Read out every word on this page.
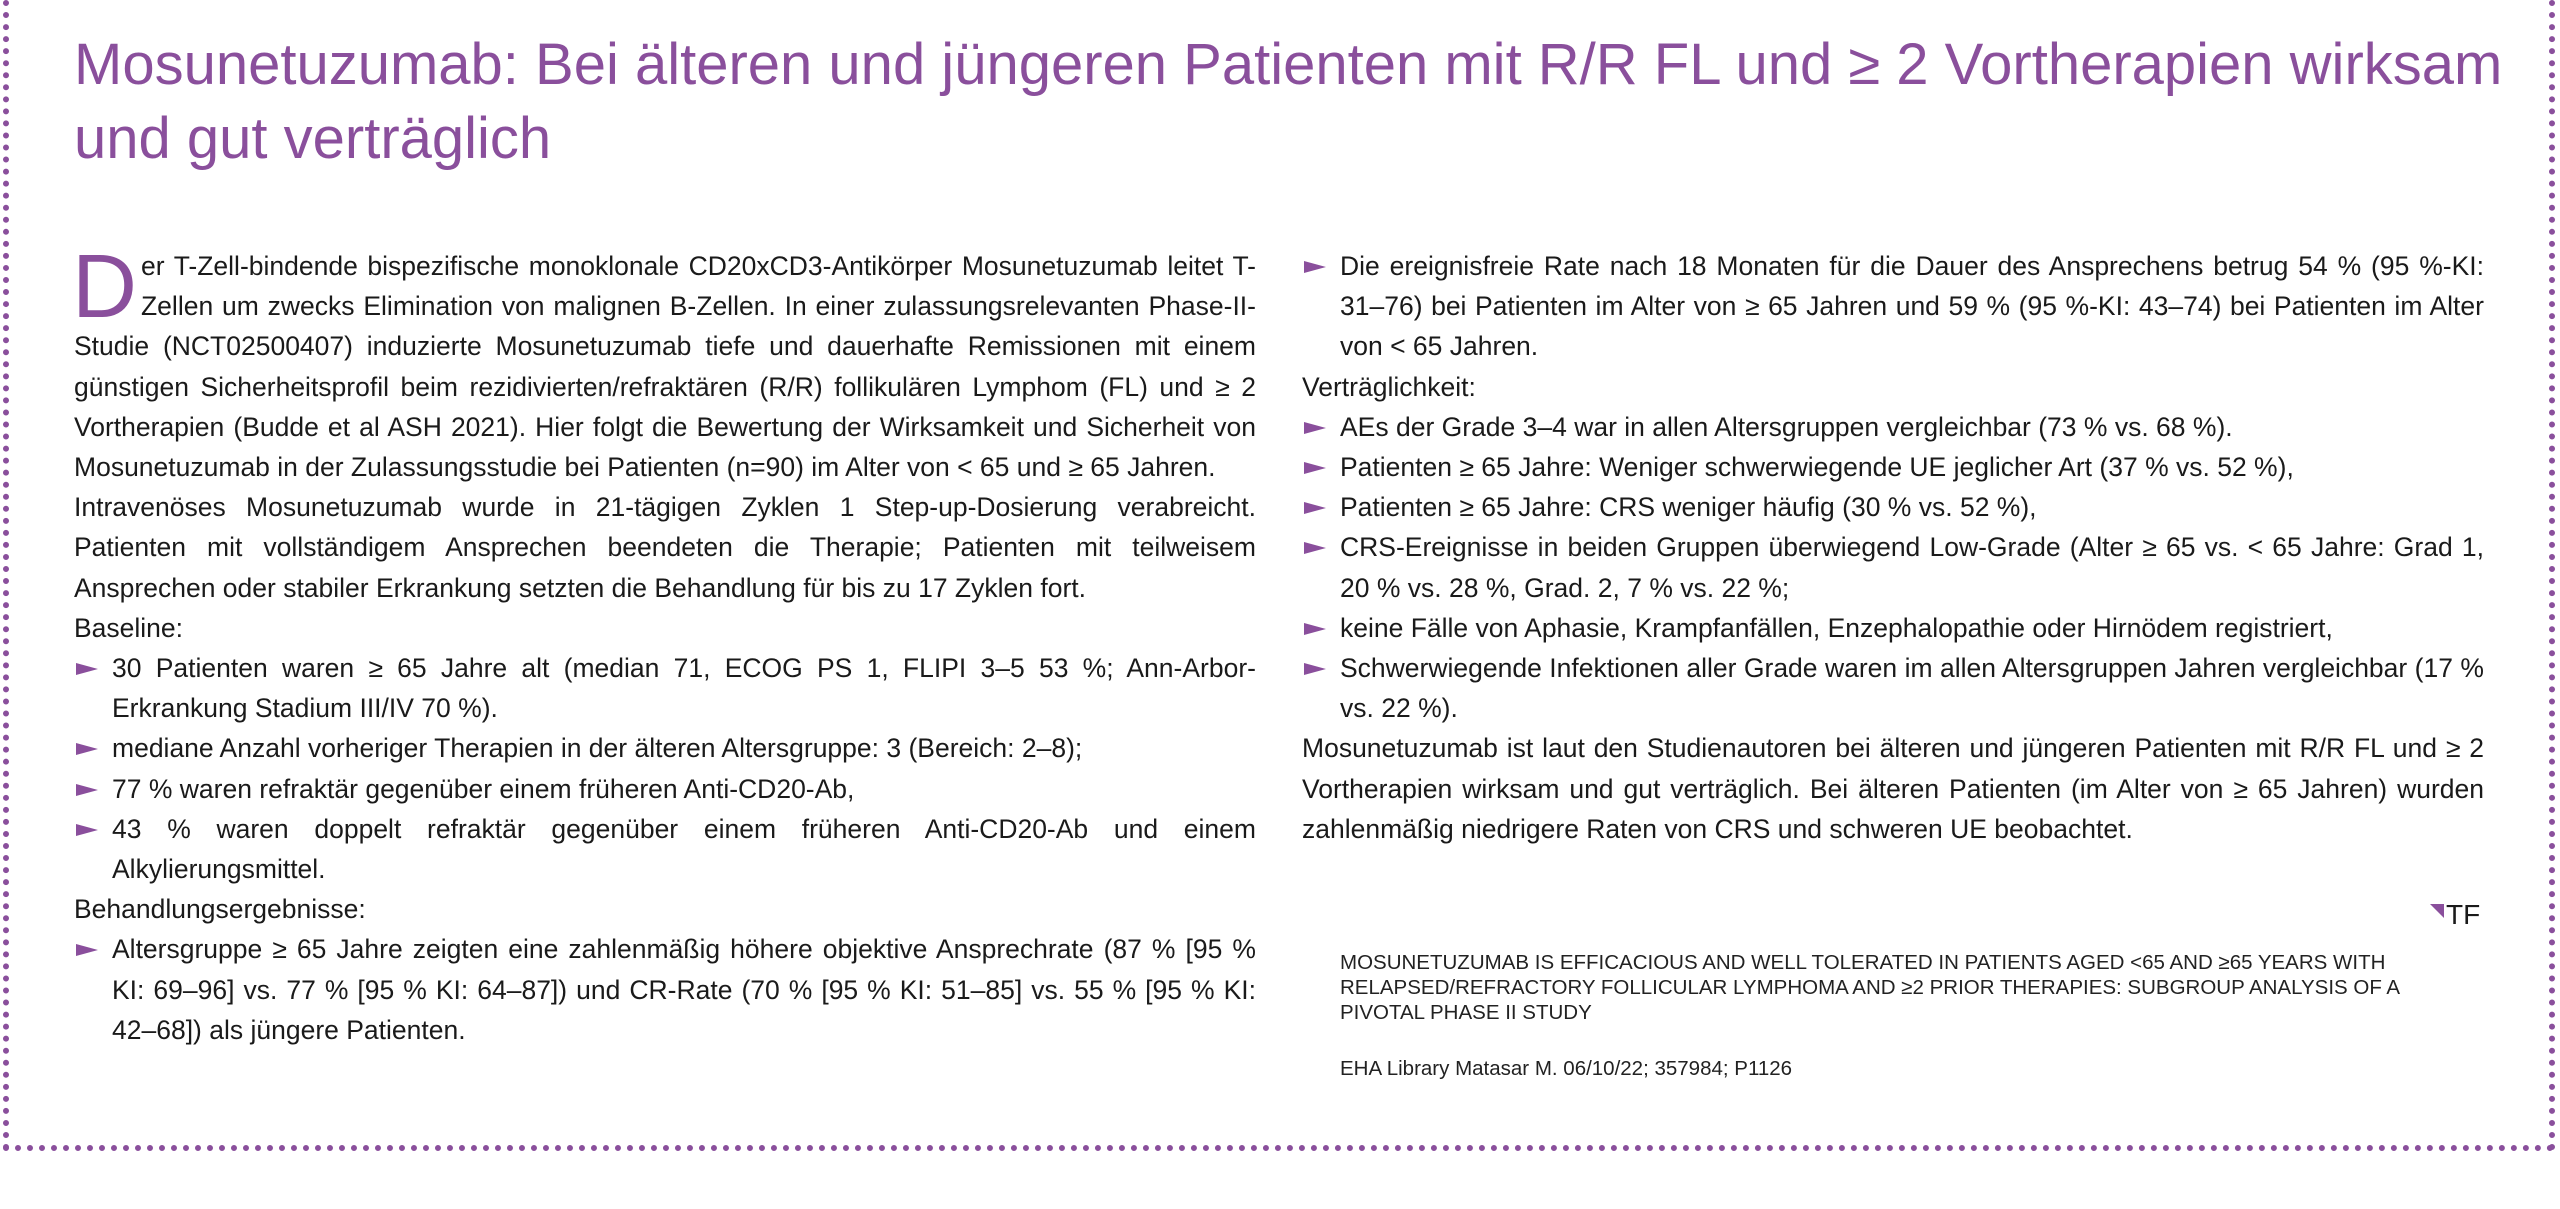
Mosunetuzumab: Bei älteren und jüngeren Patienten mit R/R FL und ≥ 2 Vortherapien wirksam und gut verträglich

Der T-Zell-bindende bispezifische monoklonale CD20xCD3-Antikörper Mosunetuzumab leitet T-Zellen um zwecks Elimination von malignen B-Zellen. In einer zulassungsrelevanten Phase-II-Studie (NCT02500407) induzierte Mosunetuzumab tiefe und dauerhafte Remissionen mit einem günstigen Sicherheitsprofil beim rezidivierten/refraktären (R/R) follikulären Lymphom (FL) und ≥ 2 Vortherapien (Budde et al ASH 2021). Hier folgt die Bewertung der Wirksamkeit und Sicherheit von Mosunetuzumab in der Zulassungsstudie bei Patienten (n=90) im Alter von < 65 und ≥ 65 Jahren.

Intravenöses Mosunetuzumab wurde in 21-tägigen Zyklen 1 Step-up-Dosierung verabreicht. Patienten mit vollständigem Ansprechen beendeten die Therapie; Patienten mit teilweisem Ansprechen oder stabiler Erkrankung setzten die Behandlung für bis zu 17 Zyklen fort.

Baseline:

30 Patienten waren ≥ 65 Jahre alt (median 71, ECOG PS 1, FLIPI 3–5 53 %; Ann-Arbor-Erkrankung Stadium III/IV 70 %).
mediane Anzahl vorheriger Therapien in der älteren Altersgruppe: 3 (Bereich: 2–8);
77 % waren refraktär gegenüber einem früheren Anti-CD20-Ab,
43 % waren doppelt refraktär gegenüber einem früheren Anti-CD20-Ab und einem Alkylierungsmittel.

Behandlungsergebnisse:

Altersgruppe ≥ 65 Jahre zeigten eine zahlenmäßig höhere objektive Ansprechrate (87 % [95 % KI: 69–96] vs. 77 % [95 % KI: 64–87]) und CR-Rate (70 % [95 % KI: 51–85] vs. 55 % [95 % KI: 42–68]) als jüngere Patienten.
Die ereignisfreie Rate nach 18 Monaten für die Dauer des Ansprechens betrug 54 % (95 %-KI: 31–76) bei Patienten im Alter von ≥ 65 Jahren und 59 % (95 %-KI: 43–74) bei Patienten im Alter von < 65 Jahren.

Verträglichkeit:

AEs der Grade 3–4 war in allen Altersgruppen vergleichbar (73 % vs. 68 %).
Patienten ≥ 65 Jahre: Weniger schwerwiegende UE jeglicher Art (37 % vs. 52 %),
Patienten ≥ 65 Jahre: CRS weniger häufig (30 % vs. 52 %),
CRS-Ereignisse in beiden Gruppen überwiegend Low-Grade (Alter ≥ 65 vs. < 65 Jahre: Grad 1, 20 % vs. 28 %, Grad. 2, 7 % vs. 22 %;
keine Fälle von Aphasie, Krampfanfällen, Enzephalopathie oder Hirnödem registriert,
Schwerwiegende Infektionen aller Grade waren im allen Altersgruppen Jahren vergleichbar (17 % vs. 22 %).

Mosunetuzumab ist laut den Studienautoren bei älteren und jüngeren Patienten mit R/R FL und ≥ 2 Vortherapien wirksam und gut verträglich. Bei älteren Patienten (im Alter von ≥ 65 Jahren) wurden zahlenmäßig niedrigere Raten von CRS und schweren UE beobachtet.

TF
MOSUNETUZUMAB IS EFFICACIOUS AND WELL TOLERATED IN PATIENTS AGED <65 AND ≥65 YEARS WITH RELAPSED/REFRACTORY FOLLICULAR LYMPHOMA AND ≥2 PRIOR THERAPIES: SUBGROUP ANALYSIS OF A PIVOTAL PHASE II STUDY
EHA Library Matasar M. 06/10/22; 357984; P1126
